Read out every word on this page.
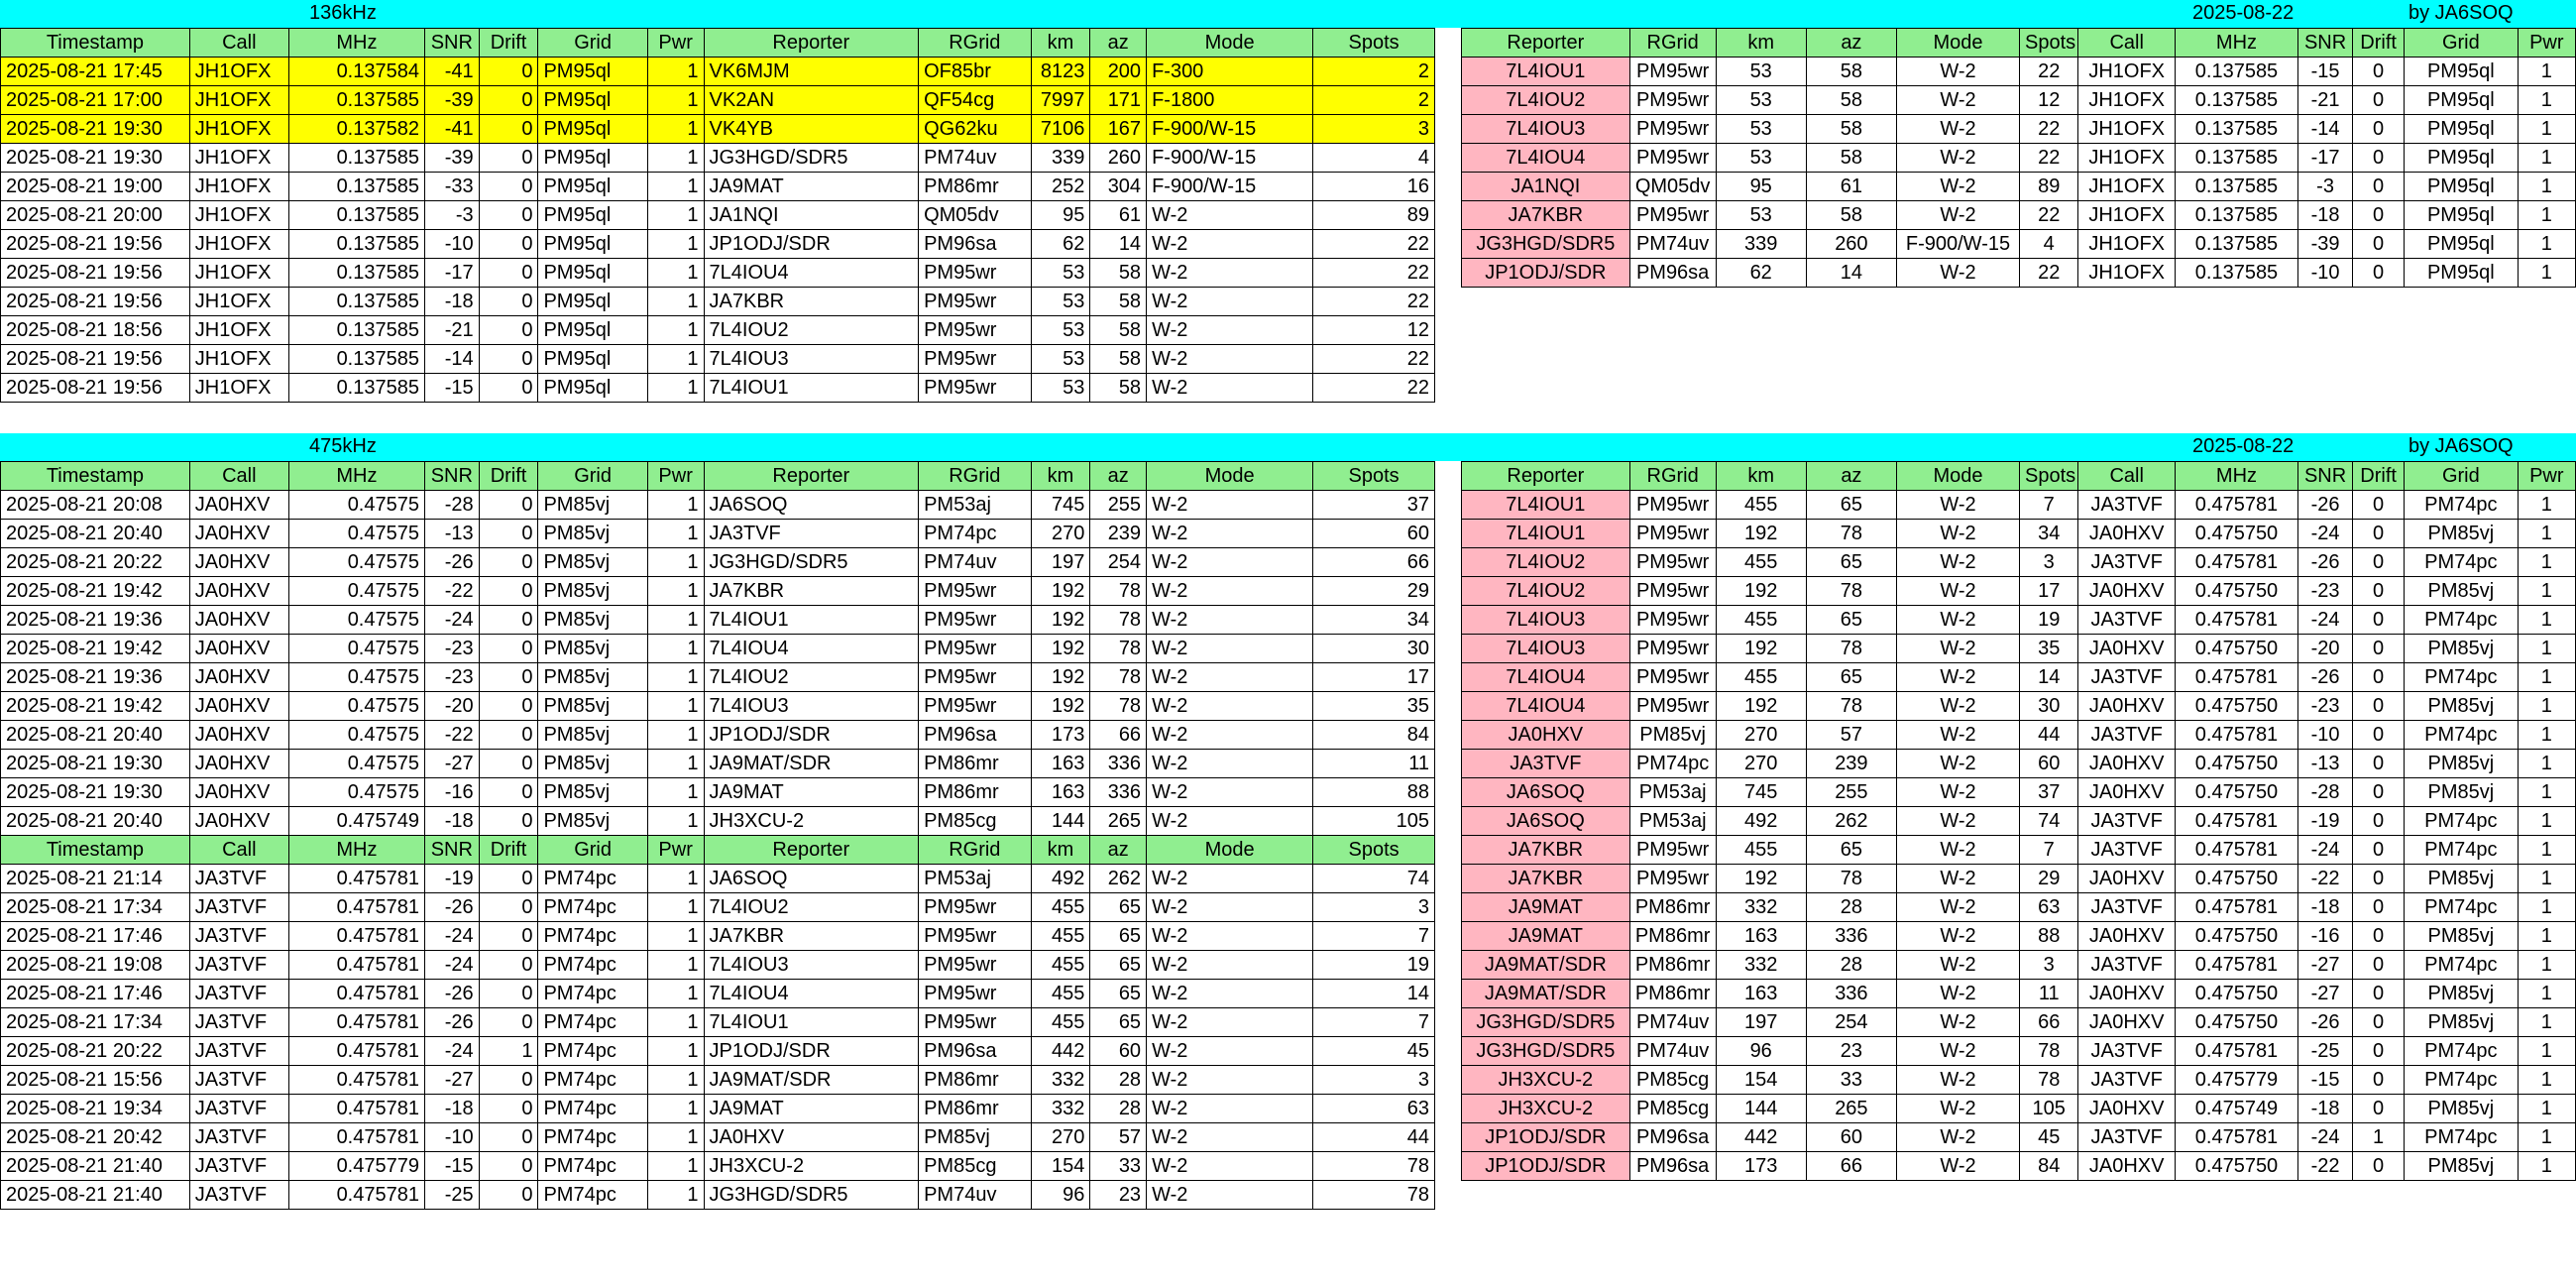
136kHz	2025-08-22	by JA6SOQ
Timestamp	Call	MHz	SNR	Drift	Grid	Pwr	Reporter	RGrid	km	az	Mode	Spots
2025-08-21 17:45	JH1OFX	0.137584	-41	0	PM95ql	1	VK6MJM	OF85br	8123	200	F-300	2
2025-08-21 17:00	JH1OFX	0.137585	-39	0	PM95ql	1	VK2AN	QF54cg	7997	171	F-1800	2
2025-08-21 19:30	JH1OFX	0.137582	-41	0	PM95ql	1	VK4YB	QG62ku	7106	167	F-900/W-15	3
2025-08-21 19:30	JH1OFX	0.137585	-39	0	PM95ql	1	JG3HGD/SDR5	PM74uv	339	260	F-900/W-15	4
2025-08-21 19:00	JH1OFX	0.137585	-33	0	PM95ql	1	JA9MAT	PM86mr	252	304	F-900/W-15	16
2025-08-21 20:00	JH1OFX	0.137585	-3	0	PM95ql	1	JA1NQI	QM05dv	95	61	W-2	89
2025-08-21 19:56	JH1OFX	0.137585	-10	0	PM95ql	1	JP1ODJ/SDR	PM96sa	62	14	W-2	22
2025-08-21 19:56	JH1OFX	0.137585	-17	0	PM95ql	1	7L4IOU4	PM95wr	53	58	W-2	22
2025-08-21 19:56	JH1OFX	0.137585	-18	0	PM95ql	1	JA7KBR	PM95wr	53	58	W-2	22
2025-08-21 18:56	JH1OFX	0.137585	-21	0	PM95ql	1	7L4IOU2	PM95wr	53	58	W-2	12
2025-08-21 19:56	JH1OFX	0.137585	-14	0	PM95ql	1	7L4IOU3	PM95wr	53	58	W-2	22
2025-08-21 19:56	JH1OFX	0.137585	-15	0	PM95ql	1	7L4IOU1	PM95wr	53	58	W-2	22
Reporter	RGrid	km	az	Mode	Spots	Call	MHz	SNR	Drift	Grid	Pwr
7L4IOU1	PM95wr	53	58	W-2	22	JH1OFX	0.137585	-15	0	PM95ql	1
7L4IOU2	PM95wr	53	58	W-2	12	JH1OFX	0.137585	-21	0	PM95ql	1
7L4IOU3	PM95wr	53	58	W-2	22	JH1OFX	0.137585	-14	0	PM95ql	1
7L4IOU4	PM95wr	53	58	W-2	22	JH1OFX	0.137585	-17	0	PM95ql	1
JA1NQI	QM05dv	95	61	W-2	89	JH1OFX	0.137585	-3	0	PM95ql	1
JA7KBR	PM95wr	53	58	W-2	22	JH1OFX	0.137585	-18	0	PM95ql	1
JG3HGD/SDR5	PM74uv	339	260	F-900/W-15	4	JH1OFX	0.137585	-39	0	PM95ql	1
JP1ODJ/SDR	PM96sa	62	14	W-2	22	JH1OFX	0.137585	-10	0	PM95ql	1
475kHz	2025-08-22	by JA6SOQ
Timestamp	Call	MHz	SNR	Drift	Grid	Pwr	Reporter	RGrid	km	az	Mode	Spots
2025-08-21 20:08	JA0HXV	0.47575	-28	0	PM85vj	1	JA6SOQ	PM53aj	745	255	W-2	37
2025-08-21 20:40	JA0HXV	0.47575	-13	0	PM85vj	1	JA3TVF	PM74pc	270	239	W-2	60
2025-08-21 20:22	JA0HXV	0.47575	-26	0	PM85vj	1	JG3HGD/SDR5	PM74uv	197	254	W-2	66
2025-08-21 19:42	JA0HXV	0.47575	-22	0	PM85vj	1	JA7KBR	PM95wr	192	78	W-2	29
2025-08-21 19:36	JA0HXV	0.47575	-24	0	PM85vj	1	7L4IOU1	PM95wr	192	78	W-2	34
2025-08-21 19:42	JA0HXV	0.47575	-23	0	PM85vj	1	7L4IOU4	PM95wr	192	78	W-2	30
2025-08-21 19:36	JA0HXV	0.47575	-23	0	PM85vj	1	7L4IOU2	PM95wr	192	78	W-2	17
2025-08-21 19:42	JA0HXV	0.47575	-20	0	PM85vj	1	7L4IOU3	PM95wr	192	78	W-2	35
2025-08-21 20:40	JA0HXV	0.47575	-22	0	PM85vj	1	JP1ODJ/SDR	PM96sa	173	66	W-2	84
2025-08-21 19:30	JA0HXV	0.47575	-27	0	PM85vj	1	JA9MAT/SDR	PM86mr	163	336	W-2	11
2025-08-21 19:30	JA0HXV	0.47575	-16	0	PM85vj	1	JA9MAT	PM86mr	163	336	W-2	88
2025-08-21 20:40	JA0HXV	0.475749	-18	0	PM85vj	1	JH3XCU-2	PM85cg	144	265	W-2	105
Timestamp	Call	MHz	SNR	Drift	Grid	Pwr	Reporter	RGrid	km	az	Mode	Spots
2025-08-21 21:14	JA3TVF	0.475781	-19	0	PM74pc	1	JA6SOQ	PM53aj	492	262	W-2	74
2025-08-21 17:34	JA3TVF	0.475781	-26	0	PM74pc	1	7L4IOU2	PM95wr	455	65	W-2	3
2025-08-21 17:46	JA3TVF	0.475781	-24	0	PM74pc	1	JA7KBR	PM95wr	455	65	W-2	7
2025-08-21 19:08	JA3TVF	0.475781	-24	0	PM74pc	1	7L4IOU3	PM95wr	455	65	W-2	19
2025-08-21 17:46	JA3TVF	0.475781	-26	0	PM74pc	1	7L4IOU4	PM95wr	455	65	W-2	14
2025-08-21 17:34	JA3TVF	0.475781	-26	0	PM74pc	1	7L4IOU1	PM95wr	455	65	W-2	7
2025-08-21 20:22	JA3TVF	0.475781	-24	1	PM74pc	1	JP1ODJ/SDR	PM96sa	442	60	W-2	45
2025-08-21 15:56	JA3TVF	0.475781	-27	0	PM74pc	1	JA9MAT/SDR	PM86mr	332	28	W-2	3
2025-08-21 19:34	JA3TVF	0.475781	-18	0	PM74pc	1	JA9MAT	PM86mr	332	28	W-2	63
2025-08-21 20:42	JA3TVF	0.475781	-10	0	PM74pc	1	JA0HXV	PM85vj	270	57	W-2	44
2025-08-21 21:40	JA3TVF	0.475779	-15	0	PM74pc	1	JH3XCU-2	PM85cg	154	33	W-2	78
2025-08-21 21:40	JA3TVF	0.475781	-25	0	PM74pc	1	JG3HGD/SDR5	PM74uv	96	23	W-2	78
Reporter	RGrid	km	az	Mode	Spots	Call	MHz	SNR	Drift	Grid	Pwr
7L4IOU1	PM95wr	455	65	W-2	7	JA3TVF	0.475781	-26	0	PM74pc	1
7L4IOU1	PM95wr	192	78	W-2	34	JA0HXV	0.475750	-24	0	PM85vj	1
7L4IOU2	PM95wr	455	65	W-2	3	JA3TVF	0.475781	-26	0	PM74pc	1
7L4IOU2	PM95wr	192	78	W-2	17	JA0HXV	0.475750	-23	0	PM85vj	1
7L4IOU3	PM95wr	455	65	W-2	19	JA3TVF	0.475781	-24	0	PM74pc	1
7L4IOU3	PM95wr	192	78	W-2	35	JA0HXV	0.475750	-20	0	PM85vj	1
7L4IOU4	PM95wr	455	65	W-2	14	JA3TVF	0.475781	-26	0	PM74pc	1
7L4IOU4	PM95wr	192	78	W-2	30	JA0HXV	0.475750	-23	0	PM85vj	1
JA0HXV	PM85vj	270	57	W-2	44	JA3TVF	0.475781	-10	0	PM74pc	1
JA3TVF	PM74pc	270	239	W-2	60	JA0HXV	0.475750	-13	0	PM85vj	1
JA6SOQ	PM53aj	745	255	W-2	37	JA0HXV	0.475750	-28	0	PM85vj	1
JA6SOQ	PM53aj	492	262	W-2	74	JA3TVF	0.475781	-19	0	PM74pc	1
JA7KBR	PM95wr	455	65	W-2	7	JA3TVF	0.475781	-24	0	PM74pc	1
JA7KBR	PM95wr	192	78	W-2	29	JA0HXV	0.475750	-22	0	PM85vj	1
JA9MAT	PM86mr	332	28	W-2	63	JA3TVF	0.475781	-18	0	PM74pc	1
JA9MAT	PM86mr	163	336	W-2	88	JA0HXV	0.475750	-16	0	PM85vj	1
JA9MAT/SDR	PM86mr	332	28	W-2	3	JA3TVF	0.475781	-27	0	PM74pc	1
JA9MAT/SDR	PM86mr	163	336	W-2	11	JA0HXV	0.475750	-27	0	PM85vj	1
JG3HGD/SDR5	PM74uv	197	254	W-2	66	JA0HXV	0.475750	-26	0	PM85vj	1
JG3HGD/SDR5	PM74uv	96	23	W-2	78	JA3TVF	0.475781	-25	0	PM74pc	1
JH3XCU-2	PM85cg	154	33	W-2	78	JA3TVF	0.475779	-15	0	PM74pc	1
JH3XCU-2	PM85cg	144	265	W-2	105	JA0HXV	0.475749	-18	0	PM85vj	1
JP1ODJ/SDR	PM96sa	442	60	W-2	45	JA3TVF	0.475781	-24	1	PM74pc	1
JP1ODJ/SDR	PM96sa	173	66	W-2	84	JA0HXV	0.475750	-22	0	PM85vj	1
